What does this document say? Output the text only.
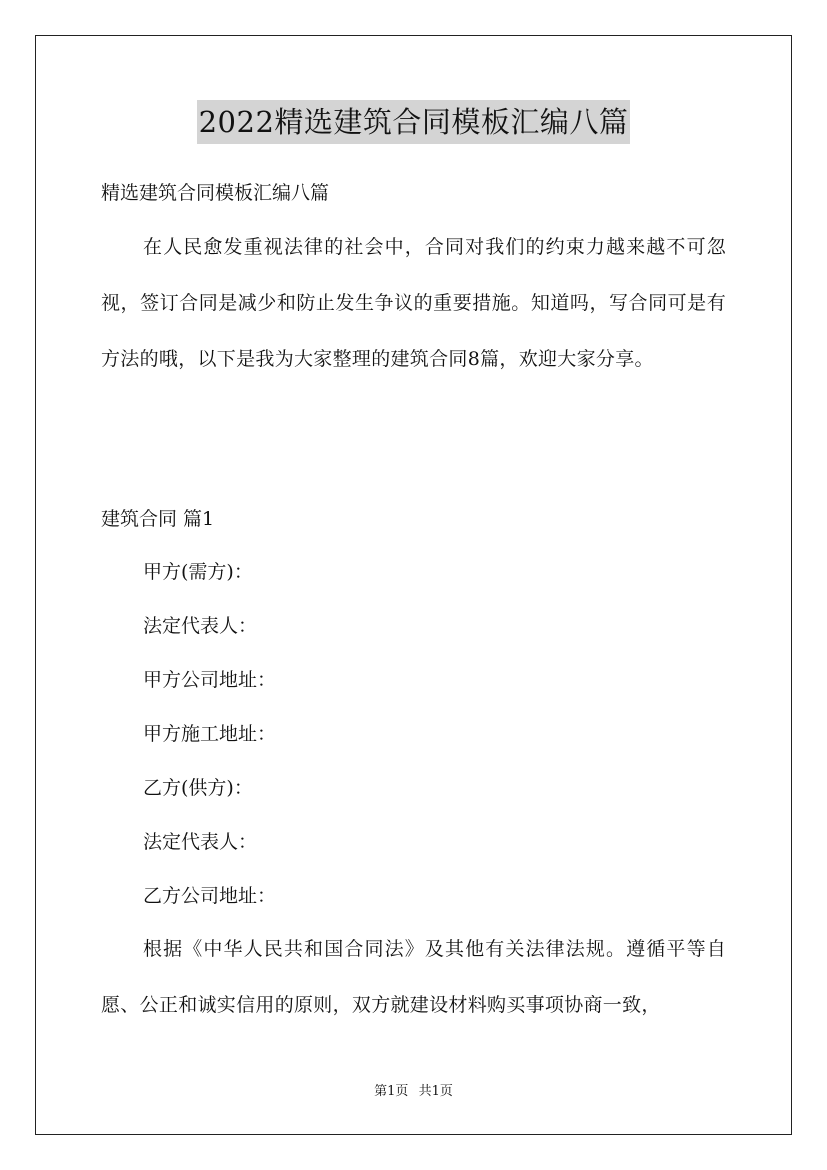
2022精选建筑合同模板汇编八篇

精选建筑合同模板汇编八篇

在人民愈发重视法律的社会中，合同对我们的约束力越来越不可忽视，签订合同是减少和防止发生争议的重要措施。知道吗，写合同可是有方法的哦，以下是我为大家整理的建筑合同8篇，欢迎大家分享。

建筑合同 篇1

甲方(需方)：

法定代表人：

甲方公司地址：

甲方施工地址：

乙方(供方)：

法定代表人：

乙方公司地址：

根据《中华人民共和国合同法》及其他有关法律法规。遵循平等自愿、公正和诚实信用的原则，双方就建设材料购买事项协商一致，

第1页 共1页
